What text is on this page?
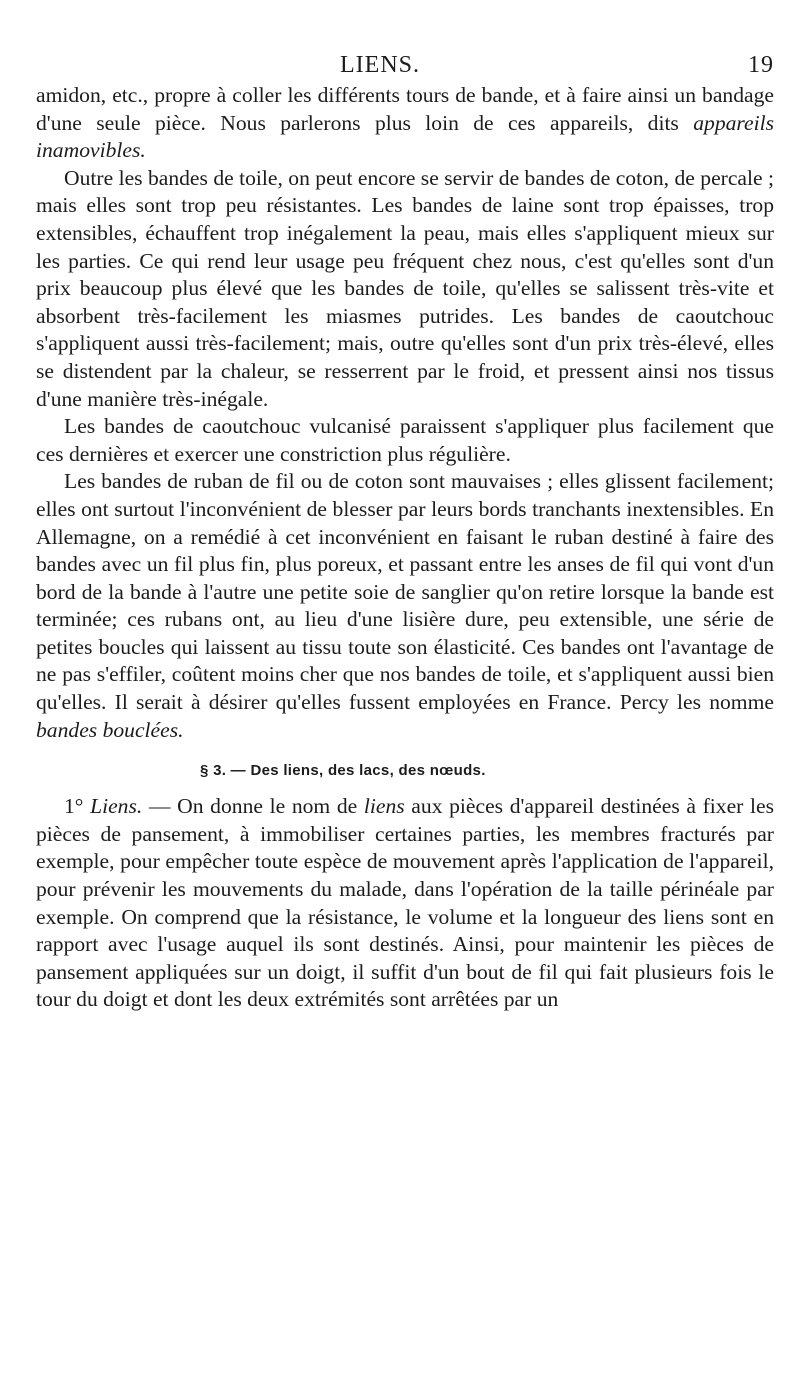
LIENS.	19

amidon, etc., propre à coller les différents tours de bande, et à faire ainsi un bandage d'une seule pièce. Nous parlerons plus loin de ces appareils, dits appareils inamovibles.

Outre les bandes de toile, on peut encore se servir de bandes de coton, de percale ; mais elles sont trop peu résistantes. Les bandes de laine sont trop épaisses, trop extensibles, échauffent trop inégalement la peau, mais elles s'appliquent mieux sur les parties. Ce qui rend leur usage peu fréquent chez nous, c'est qu'elles sont d'un prix beaucoup plus élevé que les bandes de toile, qu'elles se salissent très-vite et absorbent très-facilement les miasmes putrides. Les bandes de caoutchouc s'appliquent aussi très-facilement; mais, outre qu'elles sont d'un prix très-élevé, elles se distendent par la chaleur, se resserrent par le froid, et pressent ainsi nos tissus d'une manière très-inégale.

Les bandes de caoutchouc vulcanisé paraissent s'appliquer plus facilement que ces dernières et exercer une constriction plus régulière.

Les bandes de ruban de fil ou de coton sont mauvaises ; elles glissent facilement; elles ont surtout l'inconvénient de blesser par leurs bords tranchants inextensibles. En Allemagne, on a remédié à cet inconvénient en faisant le ruban destiné à faire des bandes avec un fil plus fin, plus poreux, et passant entre les anses de fil qui vont d'un bord de la bande à l'autre une petite soie de sanglier qu'on retire lorsque la bande est terminée; ces rubans ont, au lieu d'une lisière dure, peu extensible, une série de petites boucles qui laissent au tissu toute son élasticité. Ces bandes ont l'avantage de ne pas s'effiler, coûtent moins cher que nos bandes de toile, et s'appliquent aussi bien qu'elles. Il serait à désirer qu'elles fussent employées en France. Percy les nomme bandes bouclées.

§ 3. — Des liens, des lacs, des nœuds.

1° Liens. — On donne le nom de liens aux pièces d'appareil destinées à fixer les pièces de pansement, à immobiliser certaines parties, les membres fracturés par exemple, pour empêcher toute espèce de mouvement après l'application de l'appareil, pour prévenir les mouvements du malade, dans l'opération de la taille périnéale par exemple. On comprend que la résistance, le volume et la longueur des liens sont en rapport avec l'usage auquel ils sont destinés. Ainsi, pour maintenir les pièces de pansement appliquées sur un doigt, il suffit d'un bout de fil qui fait plusieurs fois le tour du doigt et dont les deux extrémités sont arrêtées par un
